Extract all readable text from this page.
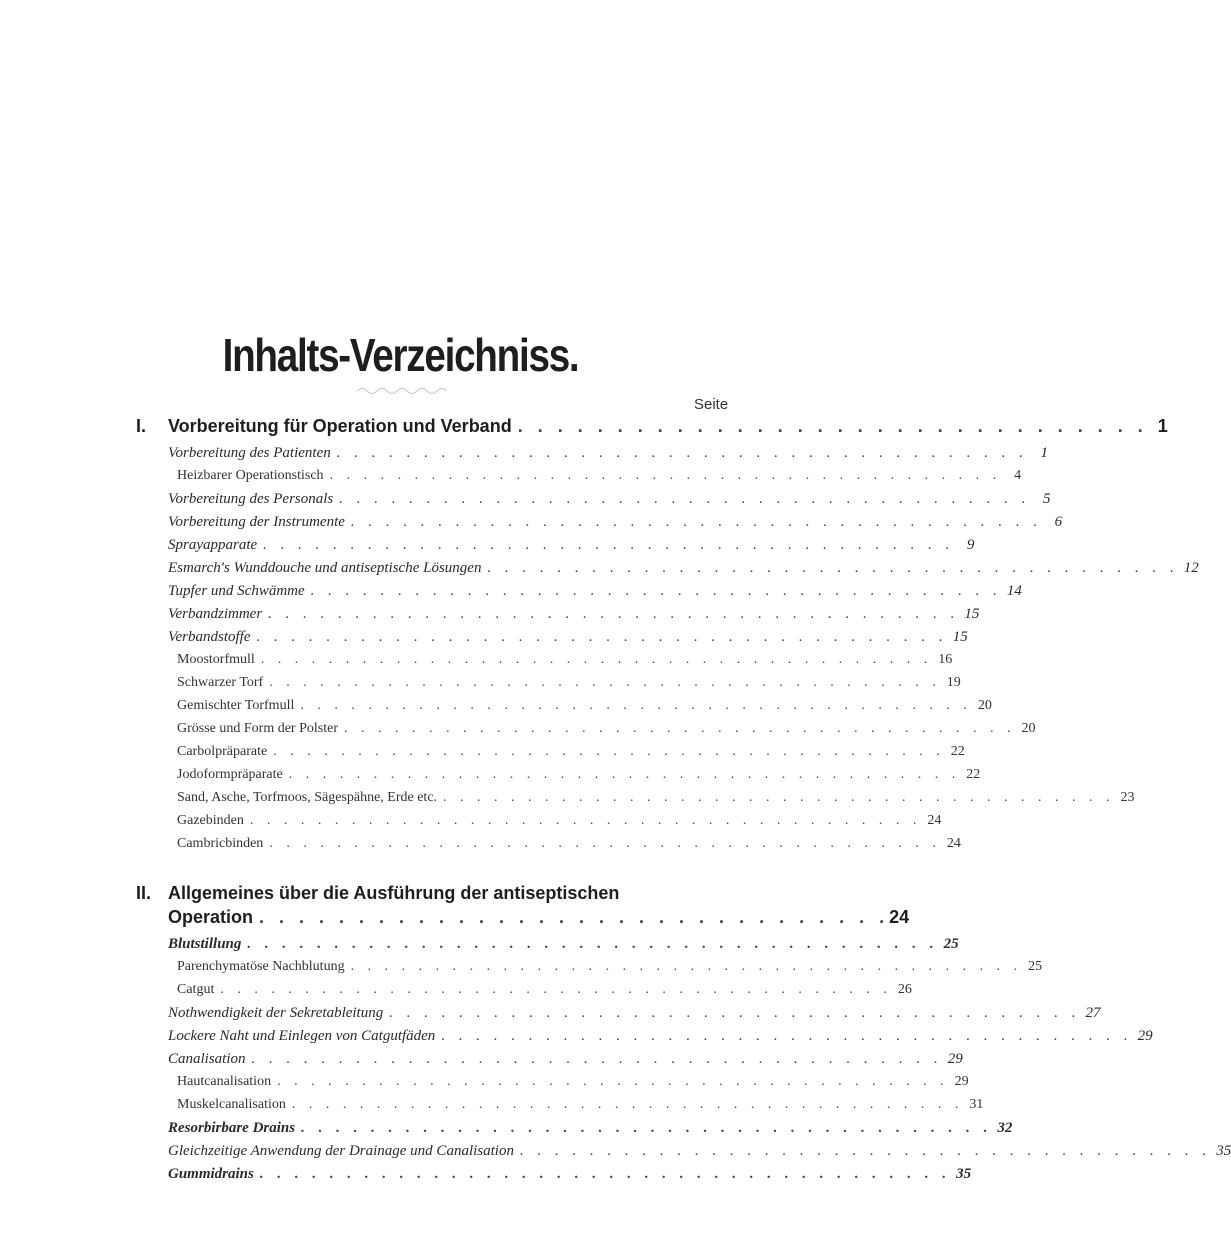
Inhalts-Verzeichniss.
Seite
I. Vorbereitung für Operation und Verband . . . . . . . . . . . . . . . . . . . . . . . . . . . . . . . . 1
Vorbereitung des Patienten . . . . . . . . . . . . . . . . . . . . . . . . . . . . . . . . . . . . . . . . 1
Heizbarer Operationstisch . . . . . . . . . . . . . . . . . . . . . . . . . . . . . . . . . . . . . . . . 4
Vorbereitung des Personals . . . . . . . . . . . . . . . . . . . . . . . . . . . . . . . . . . . . . . . . 5
Vorbereitung der Instrumente . . . . . . . . . . . . . . . . . . . . . . . . . . . . . . . . . . . . . . . . 6
Sprayapparate . . . . . . . . . . . . . . . . . . . . . . . . . . . . . . . . . . . . . . . . 9
Esmarch's Wunddouche und antiseptische Lösungen . . . . . . . . . . . . . . . . . . . . . . . . . . . . . . . . . . . . . . . . 12
Tupfer und Schwämme . . . . . . . . . . . . . . . . . . . . . . . . . . . . . . . . . . . . . . . . 14
Verbandzimmer . . . . . . . . . . . . . . . . . . . . . . . . . . . . . . . . . . . . . . . . 15
Verbandstoffe . . . . . . . . . . . . . . . . . . . . . . . . . . . . . . . . . . . . . . . . 15
Moostorfmull . . . . . . . . . . . . . . . . . . . . . . . . . . . . . . . . . . . . . . . . 16
Schwarzer Torf . . . . . . . . . . . . . . . . . . . . . . . . . . . . . . . . . . . . . . . . 19
Gemischter Torfmull . . . . . . . . . . . . . . . . . . . . . . . . . . . . . . . . . . . . . . . . 20
Grösse und Form der Polster . . . . . . . . . . . . . . . . . . . . . . . . . . . . . . . . . . . . . . . . 20
Carbolpräparate . . . . . . . . . . . . . . . . . . . . . . . . . . . . . . . . . . . . . . . . 22
Jodoformpräparate . . . . . . . . . . . . . . . . . . . . . . . . . . . . . . . . . . . . . . . . 22
Sand, Asche, Torfmoos, Sägespähne, Erde etc. . . . . . . . . . . . . . . . . . . . . . . . . . . . . . . . . . . . . . . . . 23
Gazebinden . . . . . . . . . . . . . . . . . . . . . . . . . . . . . . . . . . . . . . . . 24
Cambricbinden . . . . . . . . . . . . . . . . . . . . . . . . . . . . . . . . . . . . . . . . 24
II. Allgemeines über die Ausführung der antiseptischen
Operation . . . . . . . . . . . . . . . . . . . . . . . . . . . . . . . . 24
Blutstillung . . . . . . . . . . . . . . . . . . . . . . . . . . . . . . . . . . . . . . . . 25
Parenchymatöse Nachblutung . . . . . . . . . . . . . . . . . . . . . . . . . . . . . . . . . . . . . . . . 25
Catgut . . . . . . . . . . . . . . . . . . . . . . . . . . . . . . . . . . . . . . . . 26
Nothwendigkeit der Sekretableitung . . . . . . . . . . . . . . . . . . . . . . . . . . . . . . . . . . . . . . . . 27
Lockere Naht und Einlegen von Catgutfäden . . . . . . . . . . . . . . . . . . . . . . . . . . . . . . . . . . . . . . . . 29
Canalisation . . . . . . . . . . . . . . . . . . . . . . . . . . . . . . . . . . . . . . . . 29
Hautcanalisation . . . . . . . . . . . . . . . . . . . . . . . . . . . . . . . . . . . . . . . . 29
Muskelcanalisation . . . . . . . . . . . . . . . . . . . . . . . . . . . . . . . . . . . . . . . . 31
Resorbirbare Drains . . . . . . . . . . . . . . . . . . . . . . . . . . . . . . . . . . . . . . . . 32
Gleichzeitige Anwendung der Drainage und Canalisation . . . . . . . . . . . . . . . . . . . . . . . . . . . . . . . . . . . . . . . . 35
Gummidrains . . . . . . . . . . . . . . . . . . . . . . . . . . . . . . . . . . . . . . . . 35
